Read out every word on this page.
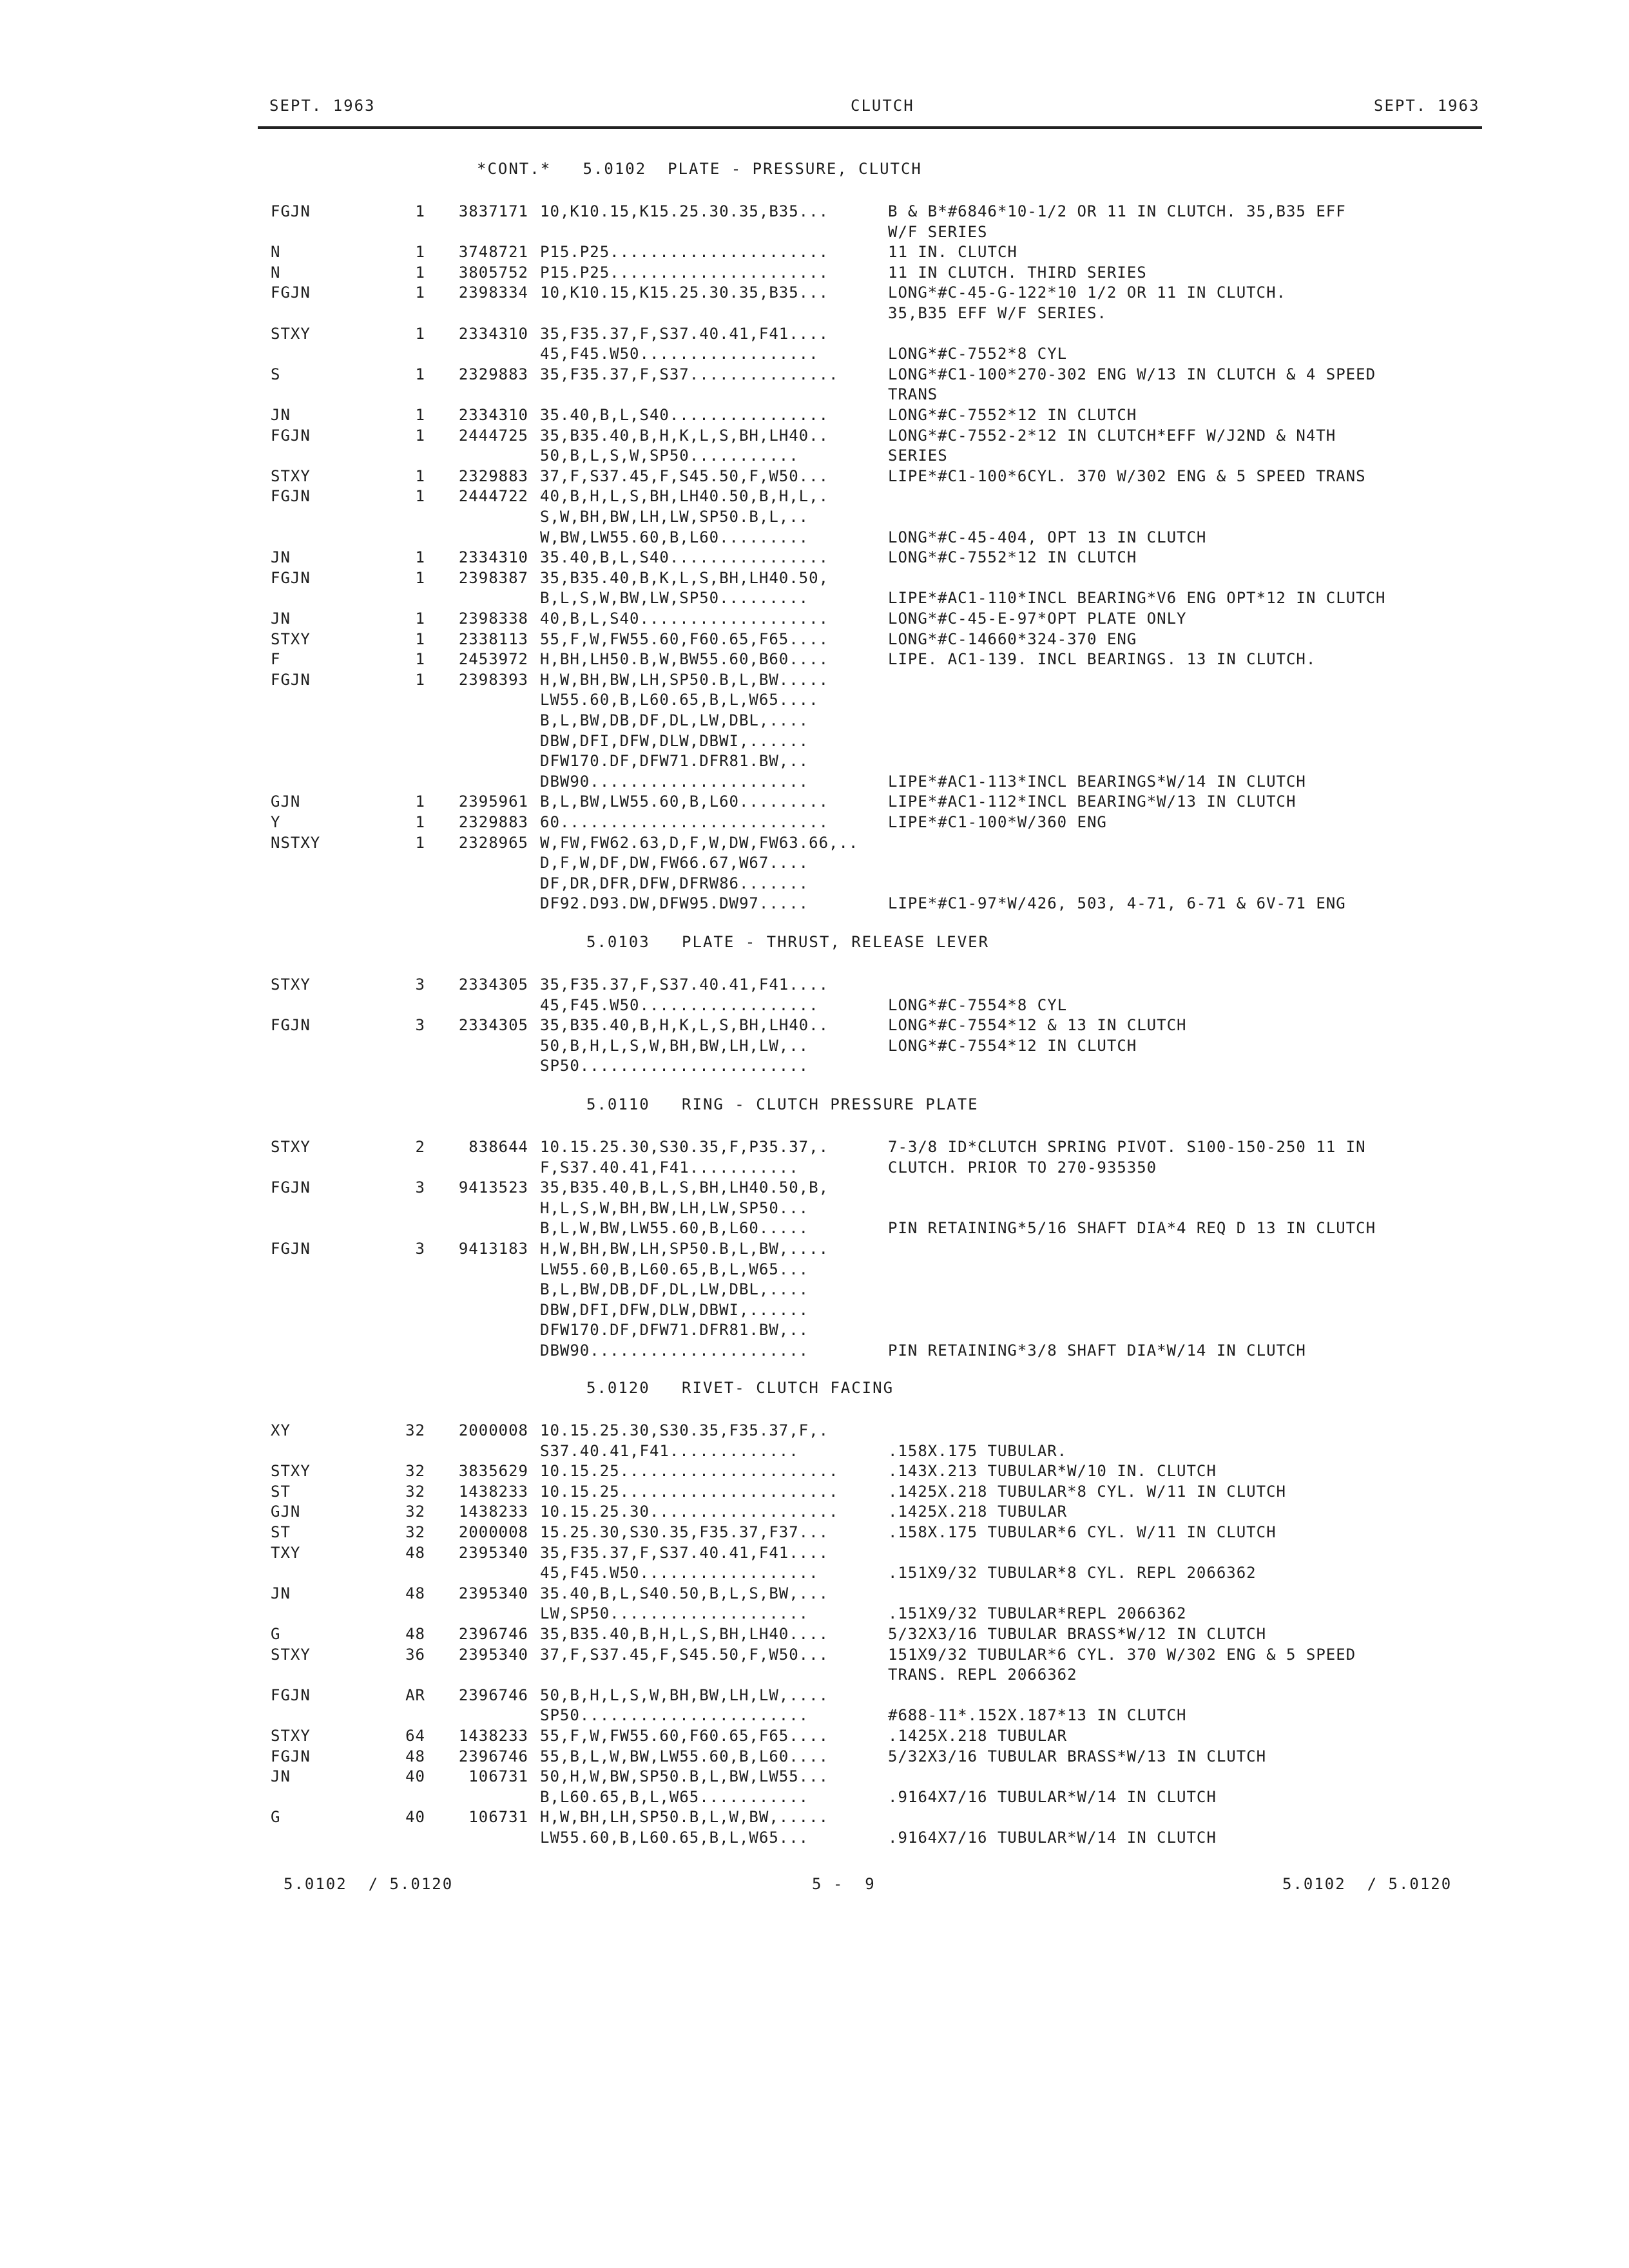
SEPT. 1963	CLUTCH	SEPT. 1963
*CONT.*   5.0102  PLATE - PRESSURE, CLUTCH
FGJN	1 3837171 10,K10.15,K15.25.30.35,B35...	B & B*#6846*10-1/2 OR 11 IN CLUTCH. 35,B35 EFF
W/F SERIES
N	1 3748721 P15.P25......................	11 IN. CLUTCH
N	1 3805752 P15.P25......................	11 IN CLUTCH. THIRD SERIES
FGJN	1 2398334 10,K10.15,K15.25.30.35,B35...	LONG*#C-45-G-122*10 1/2 OR 11 IN CLUTCH.
35,B35 EFF W/F SERIES.
STXY	1 2334310 35,F35.37,F,S37.40.41,F41....
45,F45.W50..................	LONG*#C-7552*8 CYL
S	1 2329883 35,F35.37,F,S37...............	LONG*#C1-100*270-302 ENG W/13 IN CLUTCH & 4 SPEED
TRANS
JN	1 2334310 35.40,B,L,S40................	LONG*#C-7552*12 IN CLUTCH
FGJN	1 2444725 35,B35.40,B,H,K,L,S,BH,LH40..	LONG*#C-7552-2*12 IN CLUTCH*EFF W/J2ND & N4TH
50,B,L,S,W,SP50...........	SERIES
STXY	1 2329883 37,F,S37.45,F,S45.50,F,W50...	LIPE*#C1-100*6CYL. 370 W/302 ENG & 5 SPEED TRANS
FGJN	1 2444722 40,B,H,L,S,BH,LH40.50,B,H,L,.
S,W,BH,BW,LH,LW,SP50.B,L,..
W,BW,LW55.60,B,L60.........	LONG*#C-45-404, OPT 13 IN CLUTCH
JN	1 2334310 35.40,B,L,S40................	LONG*#C-7552*12 IN CLUTCH
FGJN	1 2398387 35,B35.40,B,K,L,S,BH,LH40.50,
B,L,S,W,BW,LW,SP50.........	LIPE*#AC1-110*INCL BEARING*V6 ENG OPT*12 IN CLUTCH
JN	1 2398338 40,B,L,S40...................	LONG*#C-45-E-97*OPT PLATE ONLY
STXY	1 2338113 55,F,W,FW55.60,F60.65,F65....	LONG*#C-14660*324-370 ENG
F	1 2453972 H,BH,LH50.B,W,BW55.60,B60....	LIPE. AC1-139. INCL BEARINGS. 13 IN CLUTCH.
FGJN	1 2398393 H,W,BH,BW,LH,SP50.B,L,BW.....
LW55.60,B,L60.65,B,L,W65....
B,L,BW,DB,DF,DL,LW,DBL,....
DBW,DFI,DFW,DLW,DBWI,......
DFW170.DF,DFW71.DFR81.BW,..
DBW90......................	LIPE*#AC1-113*INCL BEARINGS*W/14 IN CLUTCH
GJN	1 2395961 B,L,BW,LW55.60,B,L60.........	LIPE*#AC1-112*INCL BEARING*W/13 IN CLUTCH
Y	1 2329883 60...........................	LIPE*#C1-100*W/360 ENG
NSTXY	1 2328965 W,FW,FW62.63,D,F,W,DW,FW63.66,..
D,F,W,DF,DW,FW66.67,W67....
DF,DR,DFR,DFW,DFRW86.......
DF92.D93.DW,DFW95.DW97.....	LIPE*#C1-97*W/426, 503, 4-71, 6-71 & 6V-71 ENG
5.0103   PLATE - THRUST, RELEASE LEVER
STXY	3 2334305 35,F35.37,F,S37.40.41,F41....
45,F45.W50..................	LONG*#C-7554*8 CYL
FGJN	3 2334305 35,B35.40,B,H,K,L,S,BH,LH40..	LONG*#C-7554*12 & 13 IN CLUTCH
50,B,H,L,S,W,BH,BW,LH,LW,..	LONG*#C-7554*12 IN CLUTCH
SP50.......................
5.0110   RING - CLUTCH PRESSURE PLATE
STXY	2	838644 10.15.25.30,S30.35,F,P35.37,.	7-3/8 ID*CLUTCH SPRING PIVOT. S100-150-250 11 IN
F,S37.40.41,F41...........	CLUTCH. PRIOR TO 270-935350
FGJN	3 9413523 35,B35.40,B,L,S,BH,LH40.50,B,
H,L,S,W,BH,BW,LH,LW,SP50...
B,L,W,BW,LW55.60,B,L60.....	PIN RETAINING*5/16 SHAFT DIA*4 REQ D 13 IN CLUTCH
FGJN	3 9413183 H,W,BH,BW,LH,SP50.B,L,BW,....
LW55.60,B,L60.65,B,L,W65...
B,L,BW,DB,DF,DL,LW,DBL,....
DBW,DFI,DFW,DLW,DBWI,......
DFW170.DF,DFW71.DFR81.BW,..
DBW90......................	PIN RETAINING*3/8 SHAFT DIA*W/14 IN CLUTCH
5.0120   RIVET- CLUTCH FACING
XY	32 2000008 10.15.25.30,S30.35,F35.37,F,.
S37.40.41,F41.............	.158X.175 TUBULAR.
STXY	32 3835629 10.15.25......................	.143X.213 TUBULAR*W/10 IN. CLUTCH
ST	32 1438233 10.15.25......................	.1425X.218 TUBULAR*8 CYL. W/11 IN CLUTCH
GJN	32 1438233 10.15.25.30...................	.1425X.218 TUBULAR
ST	32 2000008 15.25.30,S30.35,F35.37,F37...	.158X.175 TUBULAR*6 CYL. W/11 IN CLUTCH
TXY	48 2395340 35,F35.37,F,S37.40.41,F41....
45,F45.W50..................	.151X9/32 TUBULAR*8 CYL. REPL 2066362
JN	48 2395340 35.40,B,L,S40.50,B,L,S,BW,...
LW,SP50....................	.151X9/32 TUBULAR*REPL 2066362
G	48 2396746 35,B35.40,B,H,L,S,BH,LH40....	5/32X3/16 TUBULAR BRASS*W/12 IN CLUTCH
STXY	36 2395340 37,F,S37.45,F,S45.50,F,W50...	151X9/32 TUBULAR*6 CYL. 370 W/302 ENG & 5 SPEED
TRANS. REPL 2066362
FGJN	AR 2396746 50,B,H,L,S,W,BH,BW,LH,LW,....
SP50.......................	#688-11*.152X.187*13 IN CLUTCH
STXY	64 1438233 55,F,W,FW55.60,F60.65,F65....	.1425X.218 TUBULAR
FGJN	48 2396746 55,B,L,W,BW,LW55.60,B,L60....	5/32X3/16 TUBULAR BRASS*W/13 IN CLUTCH
JN	40	106731 50,H,W,BW,SP50.B,L,BW,LW55...
B,L60.65,B,L,W65...........	.9164X7/16 TUBULAR*W/14 IN CLUTCH
G	40	106731 H,W,BH,LH,SP50.B,L,W,BW,.....
LW55.60,B,L60.65,B,L,W65...	.9164X7/16 TUBULAR*W/14 IN CLUTCH
5.0102  / 5.0120	5 -  9	5.0102  / 5.0120
